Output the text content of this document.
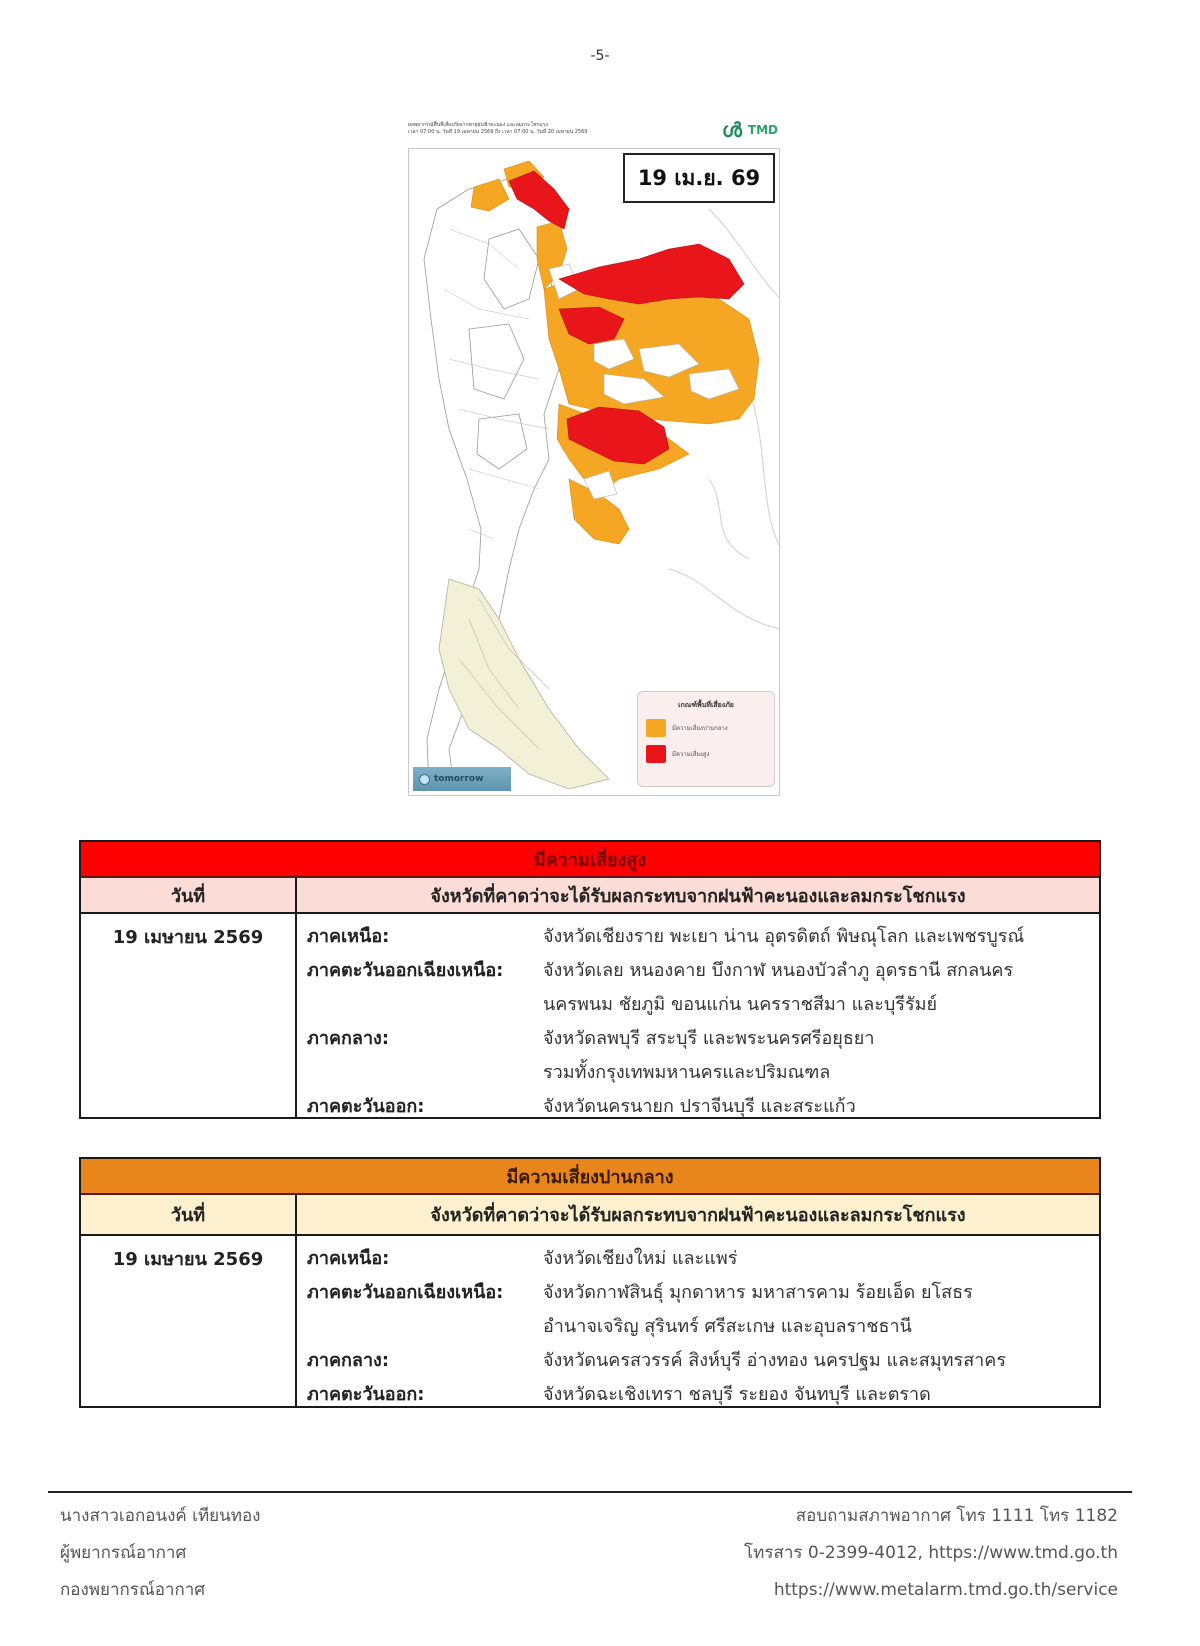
-5-
ผลพยากรณ์พื้นที่เสี่ยงภัยจากพายุฝนฟ้าคะนอง และลมกระโชกแรง
เวลา 07:00 น. วันที่ 19 เมษายน 2569 ถึง เวลา 07:00 น. วันที่ 20 เมษายน 2569	ൾ TMD
19 เม.ย. 69
เกณฑ์พื้นที่เสี่ยงภัย
มีความเสี่ยงปานกลาง
มีความเสี่ยงสูง
tomorrow
มีความเสี่ยงสูง
วันที่	จังหวัดที่คาดว่าจะได้รับผลกระทบจากฝนฟ้าคะนองและลมกระโชกแรง
19 เมษายน 2569	ภาคเหนือ:	จังหวัดเชียงราย พะเยา น่าน อุตรดิตถ์ พิษณุโลก และเพชรบูรณ์
ภาคตะวันออกเฉียงเหนือ:	จังหวัดเลย หนองคาย บึงกาฬ หนองบัวลำภู อุดรธานี สกลนคร
นครพนม ชัยภูมิ ขอนแก่น นครราชสีมา และบุรีรัมย์
ภาคกลาง:	จังหวัดลพบุรี สระบุรี และพระนครศรีอยุธยา
รวมทั้งกรุงเทพมหานครและปริมณฑล
ภาคตะวันออก:	จังหวัดนครนายก ปราจีนบุรี และสระแก้ว
มีความเสี่ยงปานกลาง
วันที่	จังหวัดที่คาดว่าจะได้รับผลกระทบจากฝนฟ้าคะนองและลมกระโชกแรง
19 เมษายน 2569	ภาคเหนือ:	จังหวัดเชียงใหม่ และแพร่
ภาคตะวันออกเฉียงเหนือ:	จังหวัดกาฬสินธุ์ มุกดาหาร มหาสารคาม ร้อยเอ็ด ยโสธร
อำนาจเจริญ สุรินทร์ ศรีสะเกษ และอุบลราชธานี
ภาคกลาง:	จังหวัดนครสวรรค์ สิงห์บุรี อ่างทอง นครปฐม และสมุทรสาคร
ภาคตะวันออก:	จังหวัดฉะเชิงเทรา ชลบุรี ระยอง จันทบุรี และตราด
นางสาวเอกอนงค์ เทียนทอง
ผู้พยากรณ์อากาศ
กองพยากรณ์อากาศ
สอบถามสภาพอากาศ โทร 1111 โทร 1182
โทรสาร 0-2399-4012, https://www.tmd.go.th
https://www.metalarm.tmd.go.th/service
